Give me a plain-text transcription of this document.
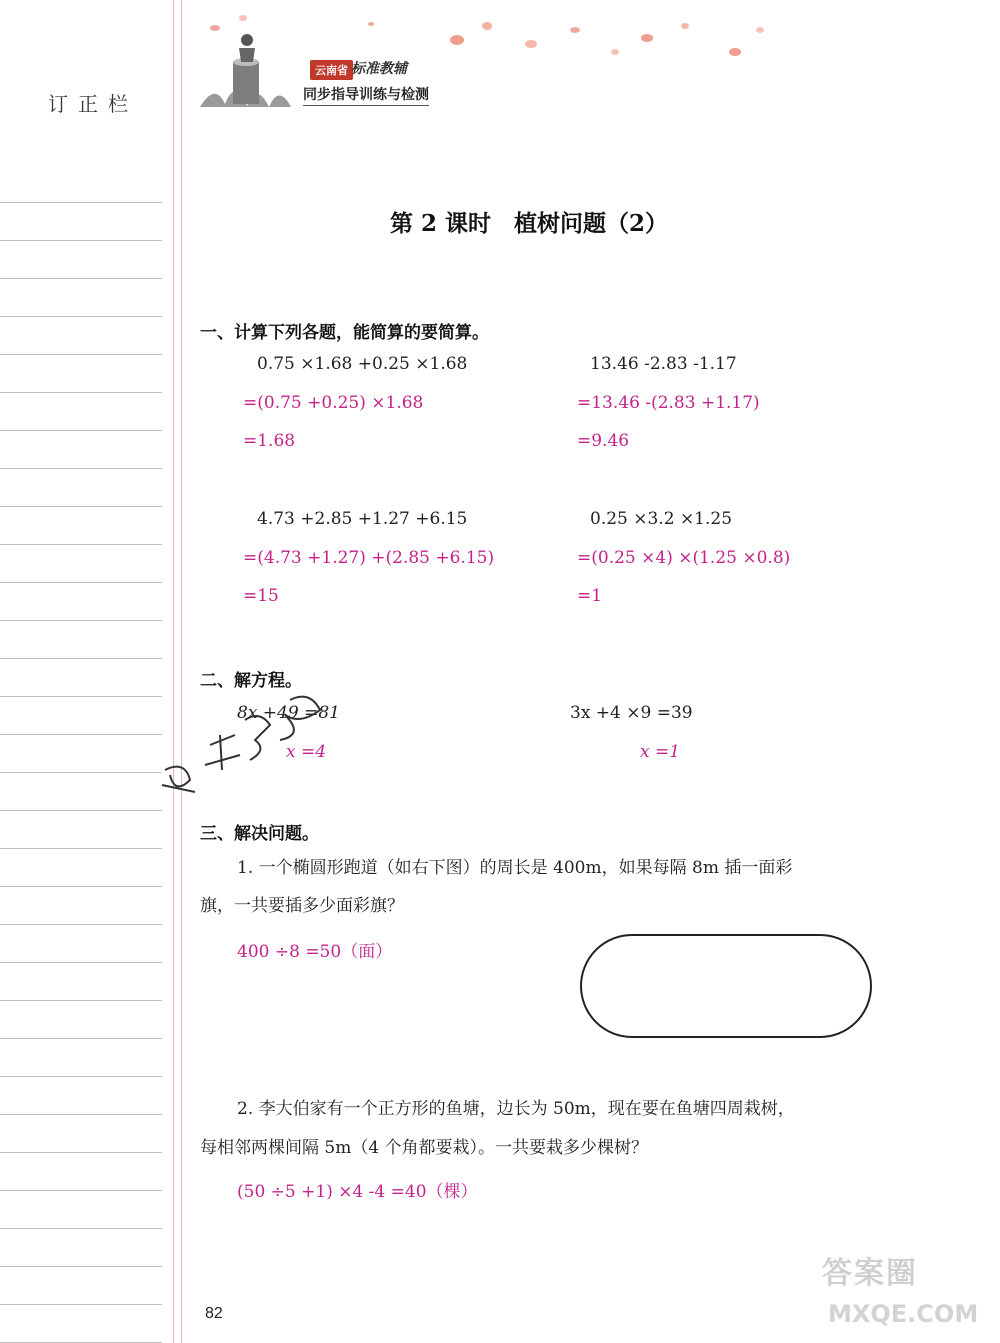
订正栏
云南省 标准教辅
同步指导训练与检测
第 2 课时　植树问题（2）
一、计算下列各题，能简算的要简算。
0.75 ×1.68 +0.25 ×1.68
=(0.75 +0.25) ×1.68
=1.68
13.46 -2.83 -1.17
=13.46 -(2.83 +1.17)
=9.46
4.73 +2.85 +1.27 +6.15
=(4.73 +1.27) +(2.85 +6.15)
=15
0.25 ×3.2 ×1.25
=(0.25 ×4) ×(1.25 ×0.8)
=1
二、解方程。
8x +49 =81
x =4
3x +4 ×9 =39
x =1
三、解决问题。
1. 一个椭圆形跑道（如右下图）的周长是 400m，如果每隔 8m 插一面彩
旗，一共要插多少面彩旗？
400 ÷8 =50（面）
2. 李大伯家有一个正方形的鱼塘，边长为 50m，现在要在鱼塘四周栽树，
每相邻两棵间隔 5m（4 个角都要栽）。一共要栽多少棵树？
(50 ÷5 +1) ×4 -4 =40（棵）
82
答案圈
MXQE.COM
